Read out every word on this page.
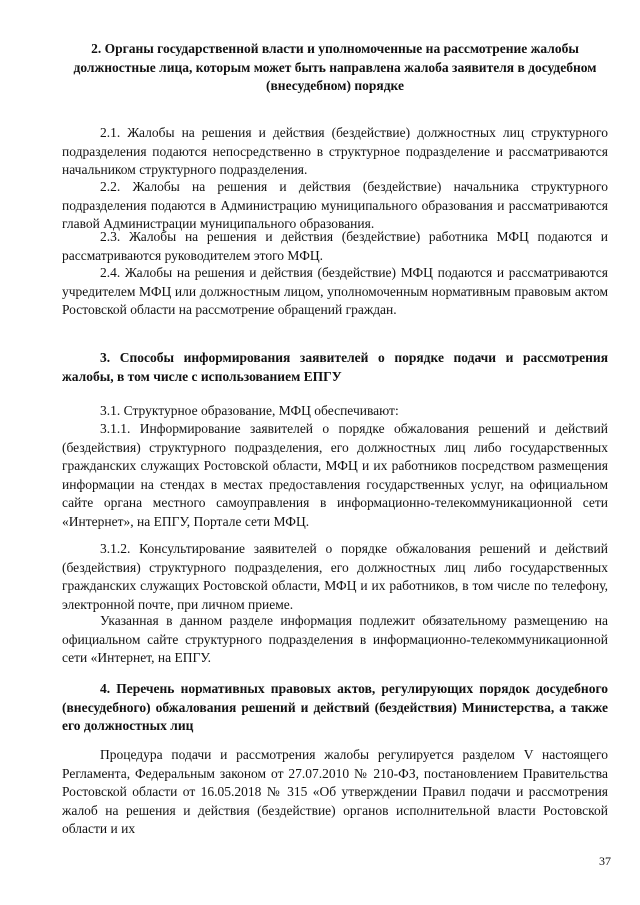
2. Органы государственной власти и уполномоченные на рассмотрение жалобы должностные лица, которым может быть направлена жалоба заявителя в досудебном (внесудебном) порядке
2.1. Жалобы на решения и действия (бездействие) должностных лиц структурного подразделения подаются непосредственно в структурное подразделение и рассматриваются начальником структурного подразделения.
2.2. Жалобы на решения и действия (бездействие) начальника структурного подразделения подаются в Администрацию муниципального образования и рассматриваются главой Администрации муниципального образования.
2.3. Жалобы на решения и действия (бездействие) работника МФЦ подаются и рассматриваются руководителем этого МФЦ.
2.4. Жалобы на решения и действия (бездействие) МФЦ подаются и рассматриваются учредителем МФЦ или должностным лицом, уполномоченным нормативным правовым актом Ростовской области на рассмотрение обращений граждан.
3. Способы информирования заявителей о порядке подачи и рассмотрения жалобы, в том числе с использованием ЕПГУ
3.1. Структурное образование, МФЦ обеспечивают:
3.1.1. Информирование заявителей о порядке обжалования решений и действий (бездействия) структурного подразделения, его должностных лиц либо государственных гражданских служащих Ростовской области, МФЦ и их работников посредством размещения информации на стендах в местах предоставления государственных услуг, на официальном сайте органа местного самоуправления в информационно-телекоммуникационной сети «Интернет», на ЕПГУ, Портале сети МФЦ.
3.1.2. Консультирование заявителей о порядке обжалования решений и действий (бездействия) структурного подразделения, его должностных лиц либо государственных гражданских служащих Ростовской области, МФЦ и их работников, в том числе по телефону, электронной почте, при личном приеме.
Указанная в данном разделе информация подлежит обязательному размещению на официальном сайте структурного подразделения в информационно-телекоммуникационной сети «Интернет, на ЕПГУ.
4. Перечень нормативных правовых актов, регулирующих порядок досудебного (внесудебного) обжалования решений и действий (бездействия) Министерства, а также его должностных лиц
Процедура подачи и рассмотрения жалобы регулируется разделом V настоящего Регламента, Федеральным законом от 27.07.2010 № 210-ФЗ, постановлением Правительства Ростовской области от 16.05.2018 № 315 «Об утверждении Правил подачи и рассмотрения жалоб на решения и действия (бездействие) органов исполнительной власти Ростовской области и их
37
